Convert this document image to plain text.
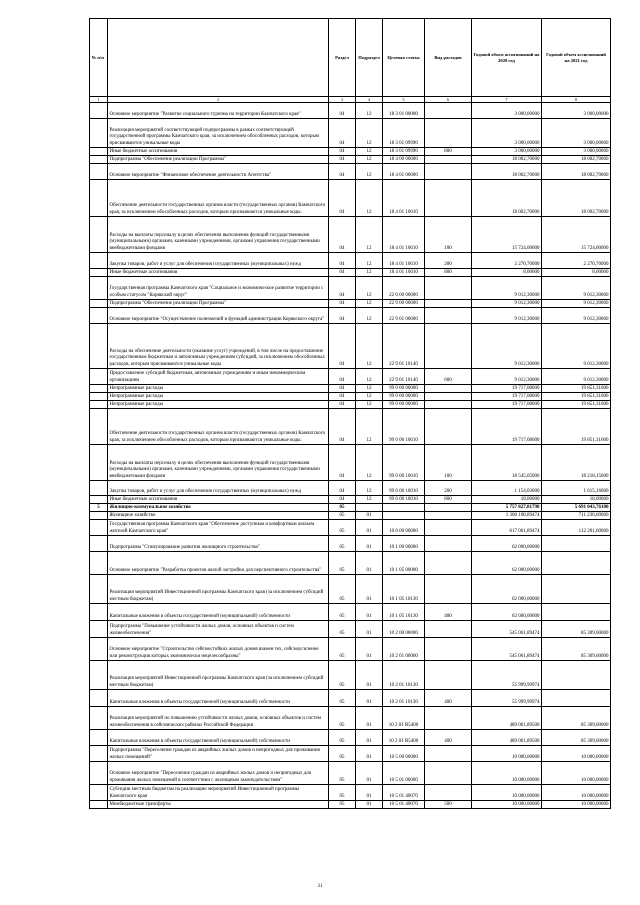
№ п/п		Раздел	Подраздел	Целевая статья	Вид расходов	Годовой объем ассигнований на 2020 год	Годовой объем ассигнований на 2021 год
1	2	3	4	5	6	7	8
	Основное мероприятие "Развитие социального туризма на территории Камчатского края"	04	12	18 3 01 00000		3 000,00000	3 000,00000
	Реализация мероприятий соответствующей подпрограммы в рамках соответствующей государственной программы Камчатского края, за исключением обособленных расходов, которым присваиваются уникальные коды	04	12	18 3 01 09990		3 000,00000	3 000,00000
	Иные бюджетные ассигнования	04	12	18 3 01 09990	800	3 000,00000	3 000,00000
	Подпрограмма "Обеспечение реализации Программы"	04	12	18 4 00 00000		18 002,70000	18 002,70000
	Основное мероприятие "Финансовое обеспечение деятельности Агентства"	04	12	18 4 01 00000		18 002,70000	18 002,70000
	Обеспечение деятельности государственных органов власти (государственных органов) Камчатского края, за исключением обособленных расходов, которым присваиваются уникальные коды.	04	12	18 4 01 10010		18 002,70000	18 002,70000
	Расходы на выплаты персоналу в целях обеспечения выполнения функций государственными (муниципальными) органами, казенными учреждениями, органами управления государственными внебюджетными фондами	04	12	18 4 01 10010	100	15 724,00000	15 724,00000
	Закупка товаров, работ и услуг для обеспечения государственных (муниципальных) нужд	04	12	18 4 01 10010	200	2 270,70000	2 270,70000
	Иные бюджетные ассигнования	04	12	18 4 01 10010	800	8,00000	8,00000
	Государственная программа Камчатского края "Социальное и экономическое развитие территории с особым статусом "Корякский округ"	04	12	22 0 00 00000		9 012,30000	9 012,30000
	Подпрограмма "Обеспечение реализации Программы"	04	12	22 9 00 00000		9 012,30000	9 012,30000
	Основное мероприятие "Осуществление полномочий и функций администрации Корякского округа"	04	12	22 9 01 00000		9 012,30000	9 012,30000
	Расходы на обеспечение деятельности (оказание услуг) учреждений, в том числе на предоставление государственным бюджетным и автономным учреждениям субсидий, за исключением обособленных расходов, которым присваиваются уникальные коды	04	12	22 9 01 10140		9 012,30000	9 012,30000
	Предоставление субсидий бюджетным, автономным учреждениям и иным некоммерческим организациям	04	12	22 9 01 10140	600	9 012,30000	9 012,30000
	Непрограммные расходы	04	12	99 0 00 00000		19 717,08000	19 851,31000
	Непрограммные расходы	04	12	99 0 00 00000		19 717,08000	19 851,31000
	Непрограммные расходы	04	12	99 0 00 00000		19 717,08000	19 851,31000
	Обеспечение деятельности государственных органов власти (государственных органов) Камчатского края, за исключением обособленных расходов, которым присваиваются уникальные коды.	04	12	99 0 00 10010		19 717,08000	19 851,31000
	Расходы на выплаты персоналу в целях обеспечения выполнения функций государственными (муниципальными) органами, казенными учреждениями, органами управления государственными внебюджетными фондами	04	12	99 0 00 10010	100	18 545,05000	18 218,15000
	Закупка товаров, работ и услуг для обеспечения государственных (муниципальных) нужд	04	12	99 0 00 10010	200	1 154,03000	1 615,16000
	Иные бюджетные ассигнования	04	12	99 0 00 10010	800	18,00000	18,00000
5	Жилищно-коммунальное хозяйство	05				5 757 827,81798	5 691 043,76100
	Жилищное хозяйство	05	01			1 300 108,89474	711 230,60000
	Государственная программа Камчатского края "Обеспечение доступным и комфортным жильем жителей Камчатского края"	05	01	10 0 00 00000		617 061,89474	112 201,60000
	Подпрограмма "Стимулирование развития жилищного строительства"	05	01	10 1 00 00000		62 000,00000	
	Основное мероприятие "Разработка проектов жилой застройки для перспективного строительства"	05	01	10 1 05 00000		62 000,00000	
	Реализация мероприятий Инвестиционной программы Камчатского края (за исключением субсидий местным бюджетам)	05	01	10 1 05 10130		62 000,00000	
	Капитальные вложения в объекты государственной (муниципальной) собственности	05	01	10 1 05 10130	400	62 000,00000	
	Подпрограмма "Повышение устойчивости жилых домов, основных объектов и систем жизнеобеспечения"	05	01	10 2 00 00000		545 061,89474	85 309,60000
	Основное мероприятие "Строительство сейсмостойких жилых домов взамен тех, сейсмоусиление или реконструкция которых экономически нецелесообразны"	05	01	10 2 01 00000		545 061,89474	85 309,60000
	Реализация мероприятий Инвестиционной программы Камчатского края (за исключением субсидий местным бюджетам)	05	01	10 2 01 10130		55 999,99974	
	Капитальные вложения в объекты государственной (муниципальной) собственности	05	01	10 2 01 10130	400	55 999,99974	
	Реализация мероприятий по повышению устойчивости жилых домов, основных объектов и систем жизнеобеспечения в сейсмических районах Российской Федерации	05	01	10 2 01 R5400		489 061,89500	85 309,60000
	Капитальные вложения в объекты государственной (муниципальной) собственности	05	01	10 2 01 R5400	400	489 061,89500	85 309,60000
	Подпрограмма "Переселение граждан из аварийных жилых домов и непригодных для проживания жилых помещений"	05	01	10 5 00 00000		10 000,00000	10 000,00000
	Основное мероприятие "Переселение граждан из аварийных жилых домов и непригодных для проживания жилых помещений в соответствии с жилищным законодательством"	05	01	10 5 01 00000		10 000,00000	10 000,00000
	Субсидии местным бюджетам на реализацию мероприятий Инвестиционной программы Камчатского края	05	01	10 5 01 40070		10 000,00000	10 000,00000
	Межбюджетные трансферты	05	01	10 5 01 40070	500	10 000,00000	10 000,00000
31
